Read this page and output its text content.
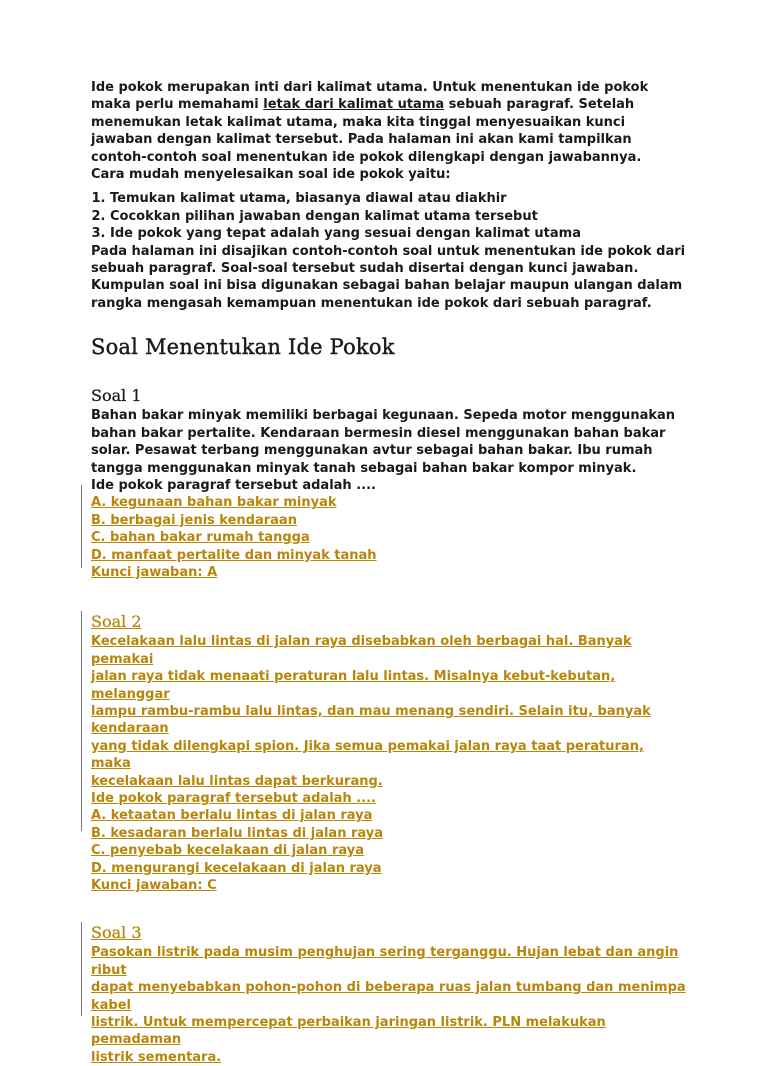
Ide pokok merupakan inti dari kalimat utama. Untuk menentukan ide pokok maka perlu memahami letak dari kalimat utama sebuah paragraf. Setelah menemukan letak kalimat utama, maka kita tinggal menyesuaikan kunci jawaban dengan kalimat tersebut. Pada halaman ini akan kami tampilkan contoh-contoh soal menentukan ide pokok dilengkapi dengan jawabannya.

Cara mudah menyelesaikan soal ide pokok yaitu:

1. Temukan kalimat utama, biasanya diawal atau diakhir
2. Cocokkan pilihan jawaban dengan kalimat utama tersebut
3. Ide pokok yang tepat adalah yang sesuai dengan kalimat utama

Pada halaman ini disajikan contoh-contoh soal untuk menentukan ide pokok dari sebuah paragraf. Soal-soal tersebut sudah disertai dengan kunci jawaban. Kumpulan soal ini bisa digunakan sebagai bahan belajar maupun ulangan dalam rangka mengasah kemampuan menentukan ide pokok dari sebuah paragraf.

Soal Menentukan Ide Pokok
Soal 1

Bahan bakar minyak memiliki berbagai kegunaan. Sepeda motor menggunakan bahan bakar pertalite. Kendaraan bermesin diesel menggunakan bahan bakar solar. Pesawat terbang menggunakan avtur sebagai bahan bakar. Ibu rumah tangga menggunakan minyak tanah sebagai bahan bakar kompor minyak.

Ide pokok paragraf tersebut adalah ....
A. kegunaan bahan bakar minyak
B. berbagai jenis kendaraan
C. bahan bakar rumah tangga
D. manfaat pertalite dan minyak tanah
Kunci jawaban: A
Soal 2
Kecelakaan lalu lintas di jalan raya disebabkan oleh berbagai hal. Banyak pemakai
jalan raya tidak menaati peraturan lalu lintas. Misalnya kebut-kebutan, melanggar
lampu rambu-rambu lalu lintas, dan mau menang sendiri. Selain itu, banyak kendaraan
yang tidak dilengkapi spion. Jika semua pemakai jalan raya taat peraturan, maka
kecelakaan lalu lintas dapat berkurang.
Ide pokok paragraf tersebut adalah ....
A. ketaatan berlalu lintas di jalan raya
B. kesadaran berlalu lintas di jalan raya
C. penyebab kecelakaan di jalan raya
D. mengurangi kecelakaan di jalan raya
Kunci jawaban: C
Soal 3
Pasokan listrik pada musim penghujan sering terganggu. Hujan lebat dan angin ribut
dapat menyebabkan pohon-pohon di beberapa ruas jalan tumbang dan menimpa kabel
listrik. Untuk mempercepat perbaikan jaringan listrik. PLN melakukan pemadaman
listrik sementara.
